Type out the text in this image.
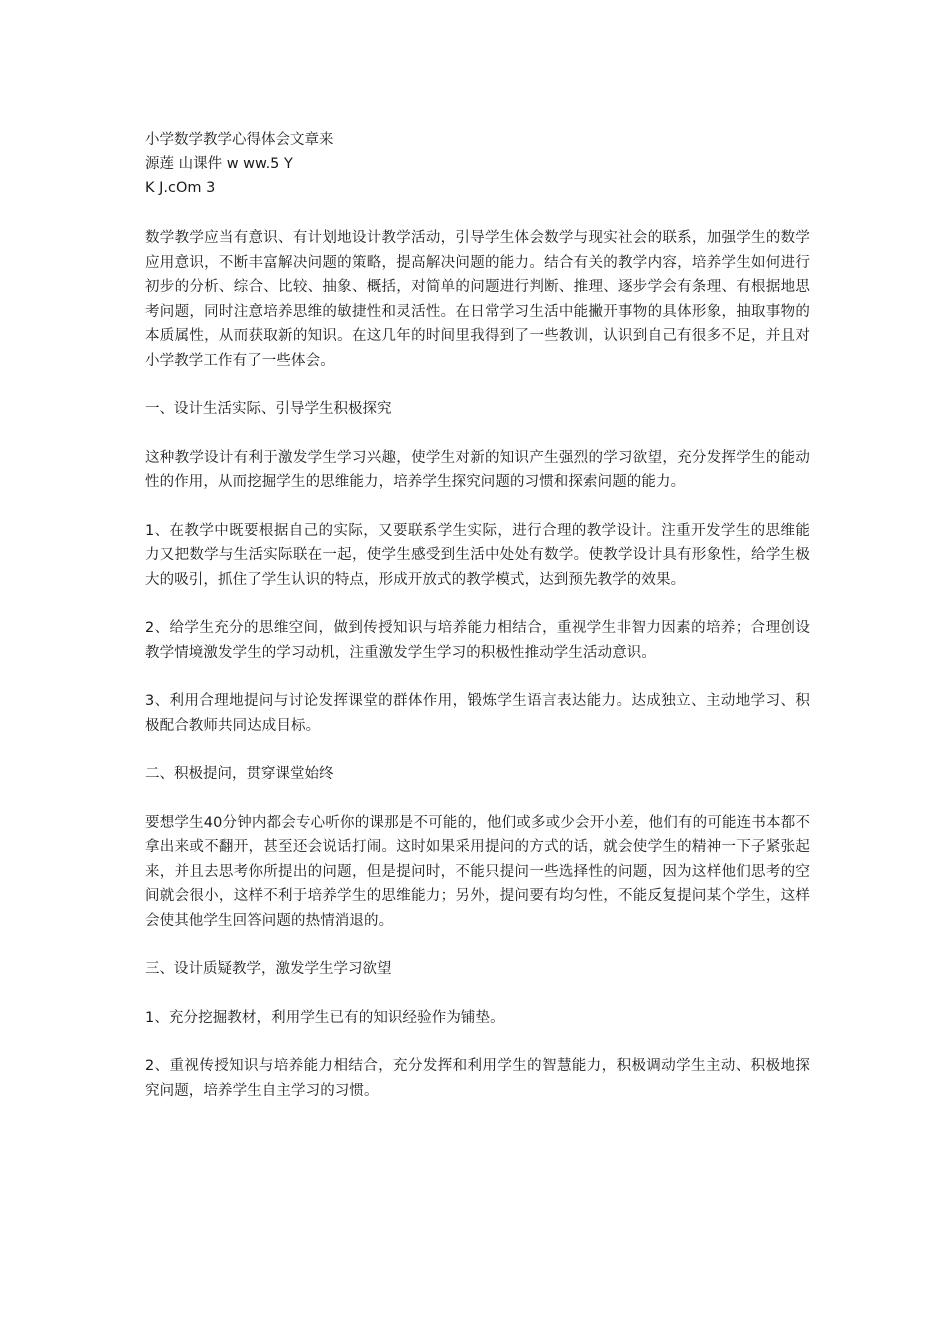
小学数学教学心得体会文章来
源莲 山课件 w ww.5 Y
K J.cOm 3

数学教学应当有意识、有计划地设计教学活动，引导学生体会数学与现实社会的联系，加强学生的数学应用意识，不断丰富解决问题的策略，提高解决问题的能力。结合有关的教学内容，培养学生如何进行初步的分析、综合、比较、抽象、概括，对简单的问题进行判断、推理、逐步学会有条理、有根据地思考问题，同时注意培养思维的敏捷性和灵活性。在日常学习生活中能撇开事物的具体形象，抽取事物的本质属性，从而获取新的知识。在这几年的时间里我得到了一些教训，认识到自己有很多不足，并且对小学教学工作有了一些体会。

一、设计生活实际、引导学生积极探究

这种教学设计有利于激发学生学习兴趣，使学生对新的知识产生强烈的学习欲望，充分发挥学生的能动性的作用，从而挖掘学生的思维能力，培养学生探究问题的习惯和探索问题的能力。

1、在教学中既要根据自己的实际，又要联系学生实际，进行合理的教学设计。注重开发学生的思维能力又把数学与生活实际联在一起，使学生感受到生活中处处有数学。使教学设计具有形象性，给学生极大的吸引，抓住了学生认识的特点，形成开放式的教学模式，达到预先教学的效果。

2、给学生充分的思维空间，做到传授知识与培养能力相结合，重视学生非智力因素的培养；合理创设教学情境激发学生的学习动机，注重激发学生学习的积极性推动学生活动意识。

3、利用合理地提问与讨论发挥课堂的群体作用，锻炼学生语言表达能力。达成独立、主动地学习、积极配合教师共同达成目标。

二、积极提问，贯穿课堂始终

要想学生40分钟内都会专心听你的课那是不可能的，他们或多或少会开小差，他们有的可能连书本都不拿出来或不翻开，甚至还会说话打闹。这时如果采用提问的方式的话，就会使学生的精神一下子紧张起来，并且去思考你所提出的问题，但是提问时，不能只提问一些选择性的问题，因为这样他们思考的空间就会很小，这样不利于培养学生的思维能力；另外，提问要有均匀性，不能反复提问某个学生，这样会使其他学生回答问题的热情消退的。

三、设计质疑教学，激发学生学习欲望

1、充分挖掘教材，利用学生已有的知识经验作为铺垫。

2、重视传授知识与培养能力相结合，充分发挥和利用学生的智慧能力，积极调动学生主动、积极地探究问题，培养学生自主学习的习惯。
